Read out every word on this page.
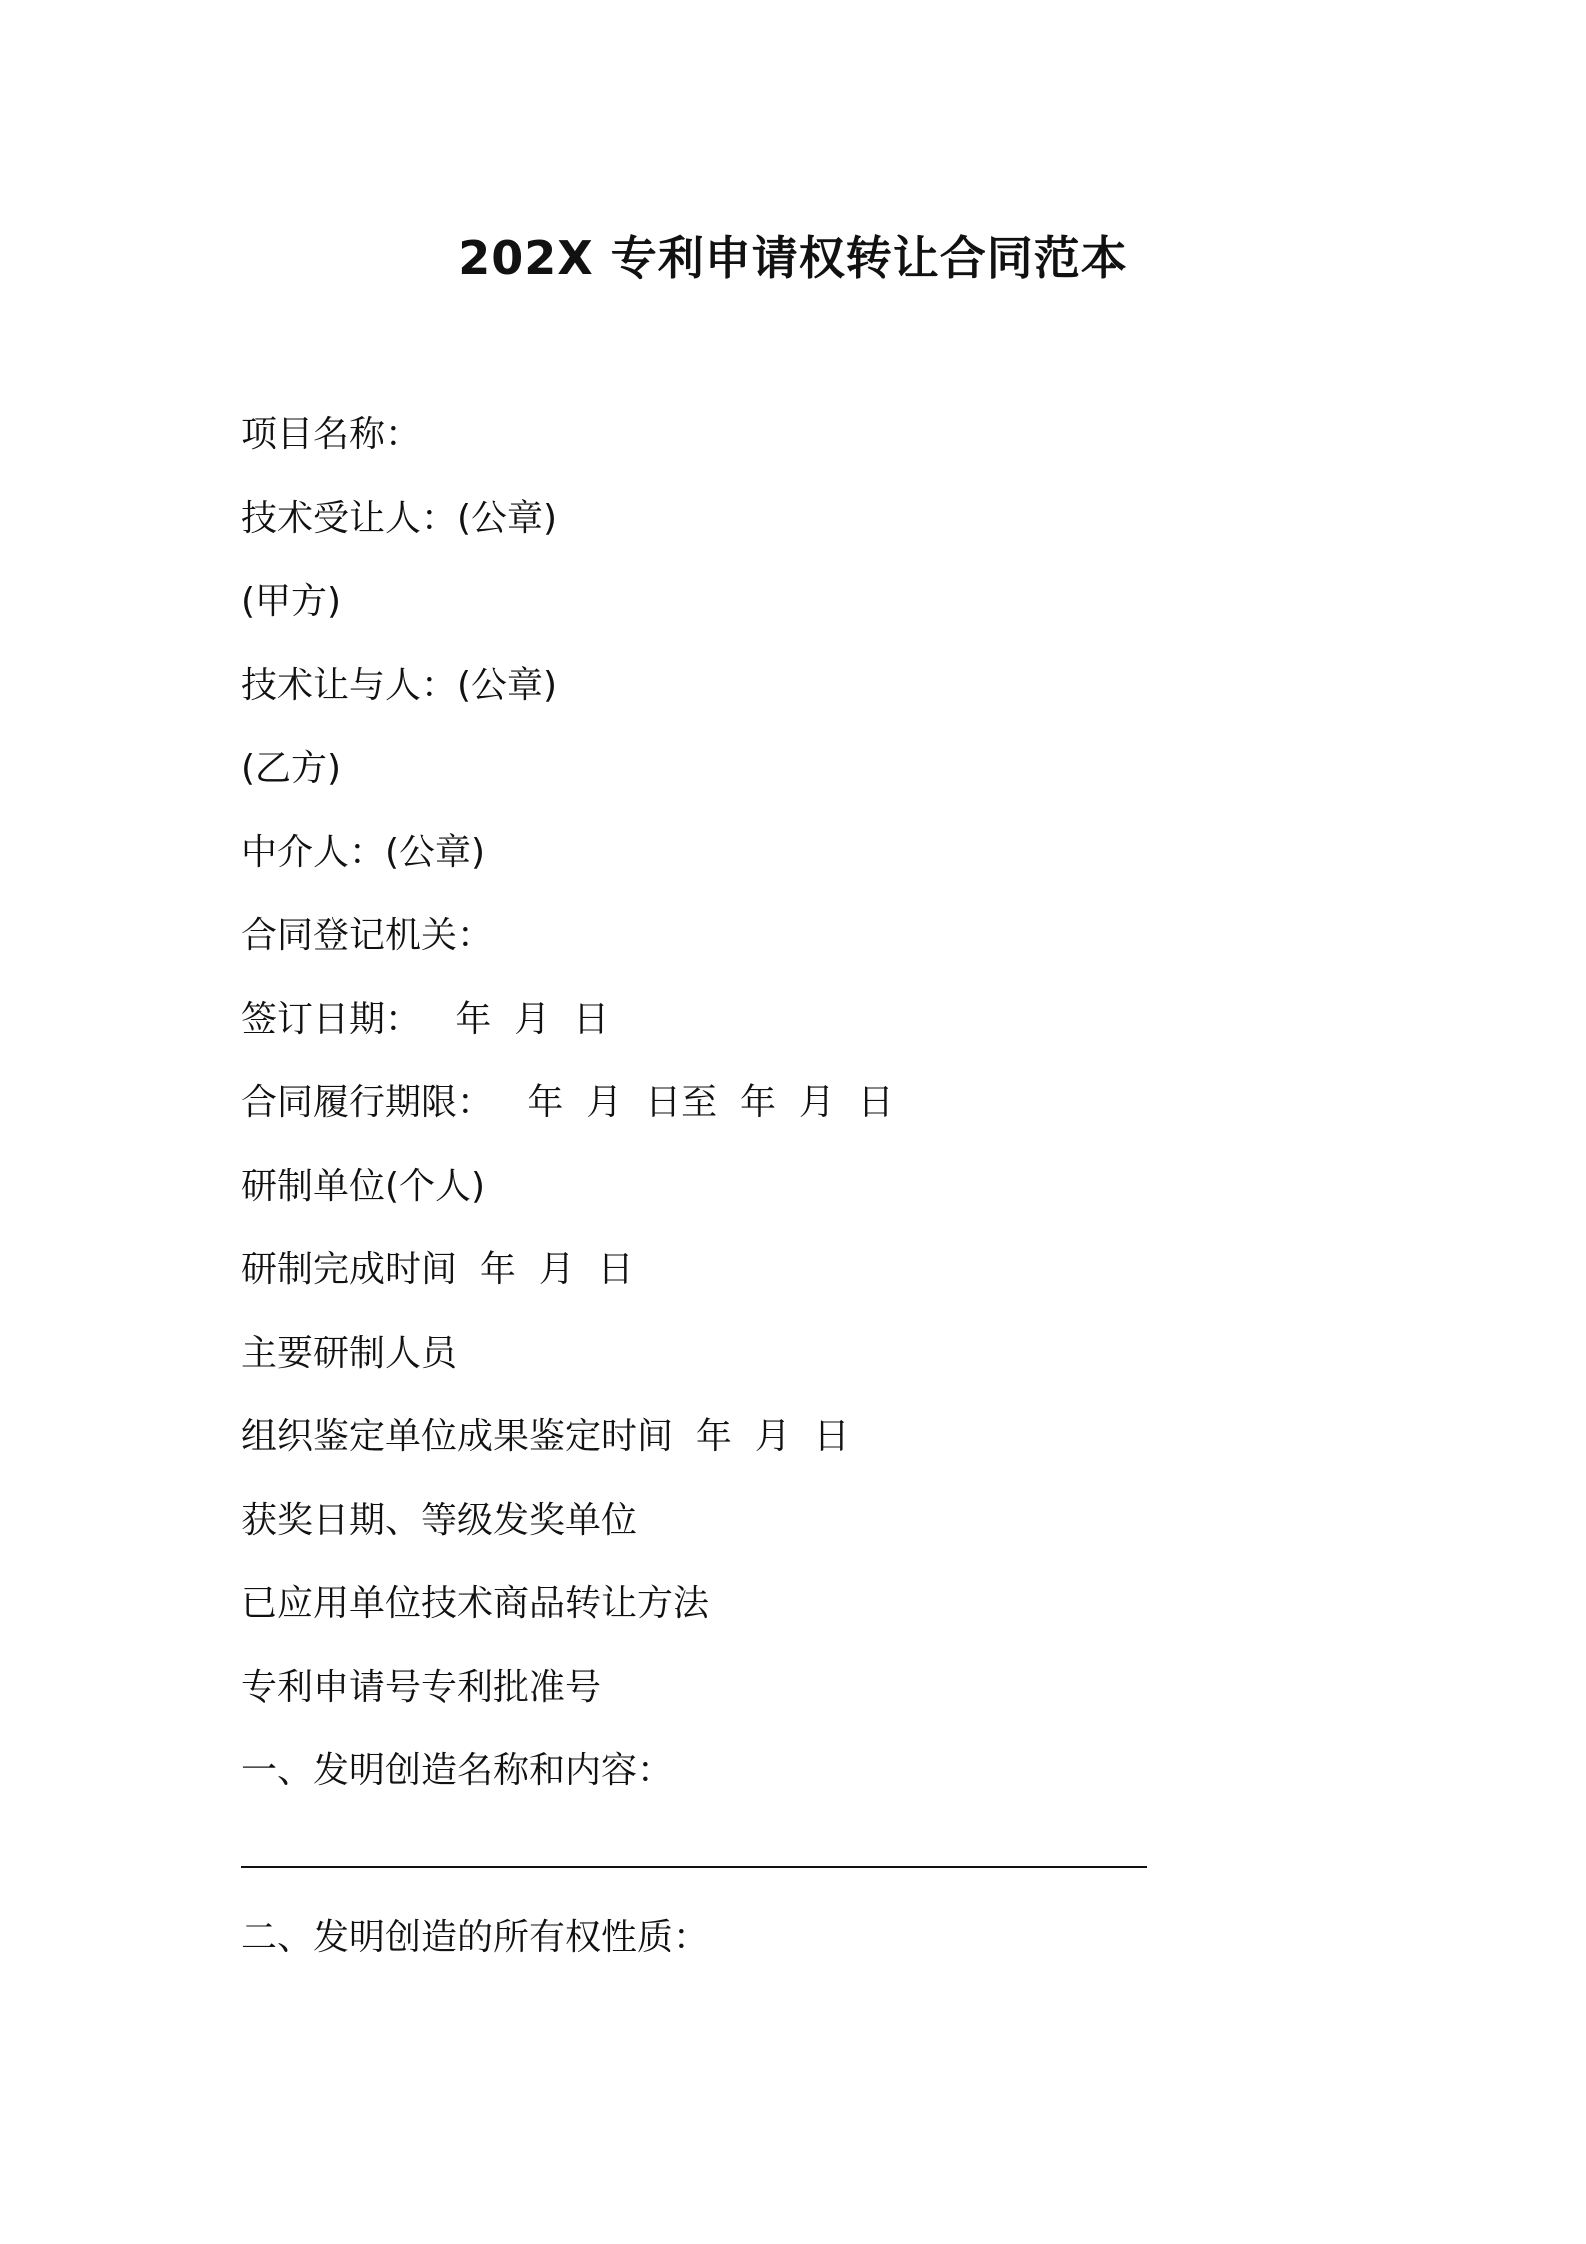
202X 专利申请权转让合同范本
项目名称：
技术受让人：(公章)
(甲方)
技术让与人：(公章)
(乙方)
中介人：(公章)
合同登记机关：
签订日期：   年  月  日
合同履行期限：   年  月  日至  年  月  日
研制单位(个人)
研制完成时间  年  月  日
主要研制人员
组织鉴定单位成果鉴定时间  年  月  日
获奖日期、等级发奖单位
已应用单位技术商品转让方法
专利申请号专利批准号
一、发明创造名称和内容：
二、发明创造的所有权性质：
